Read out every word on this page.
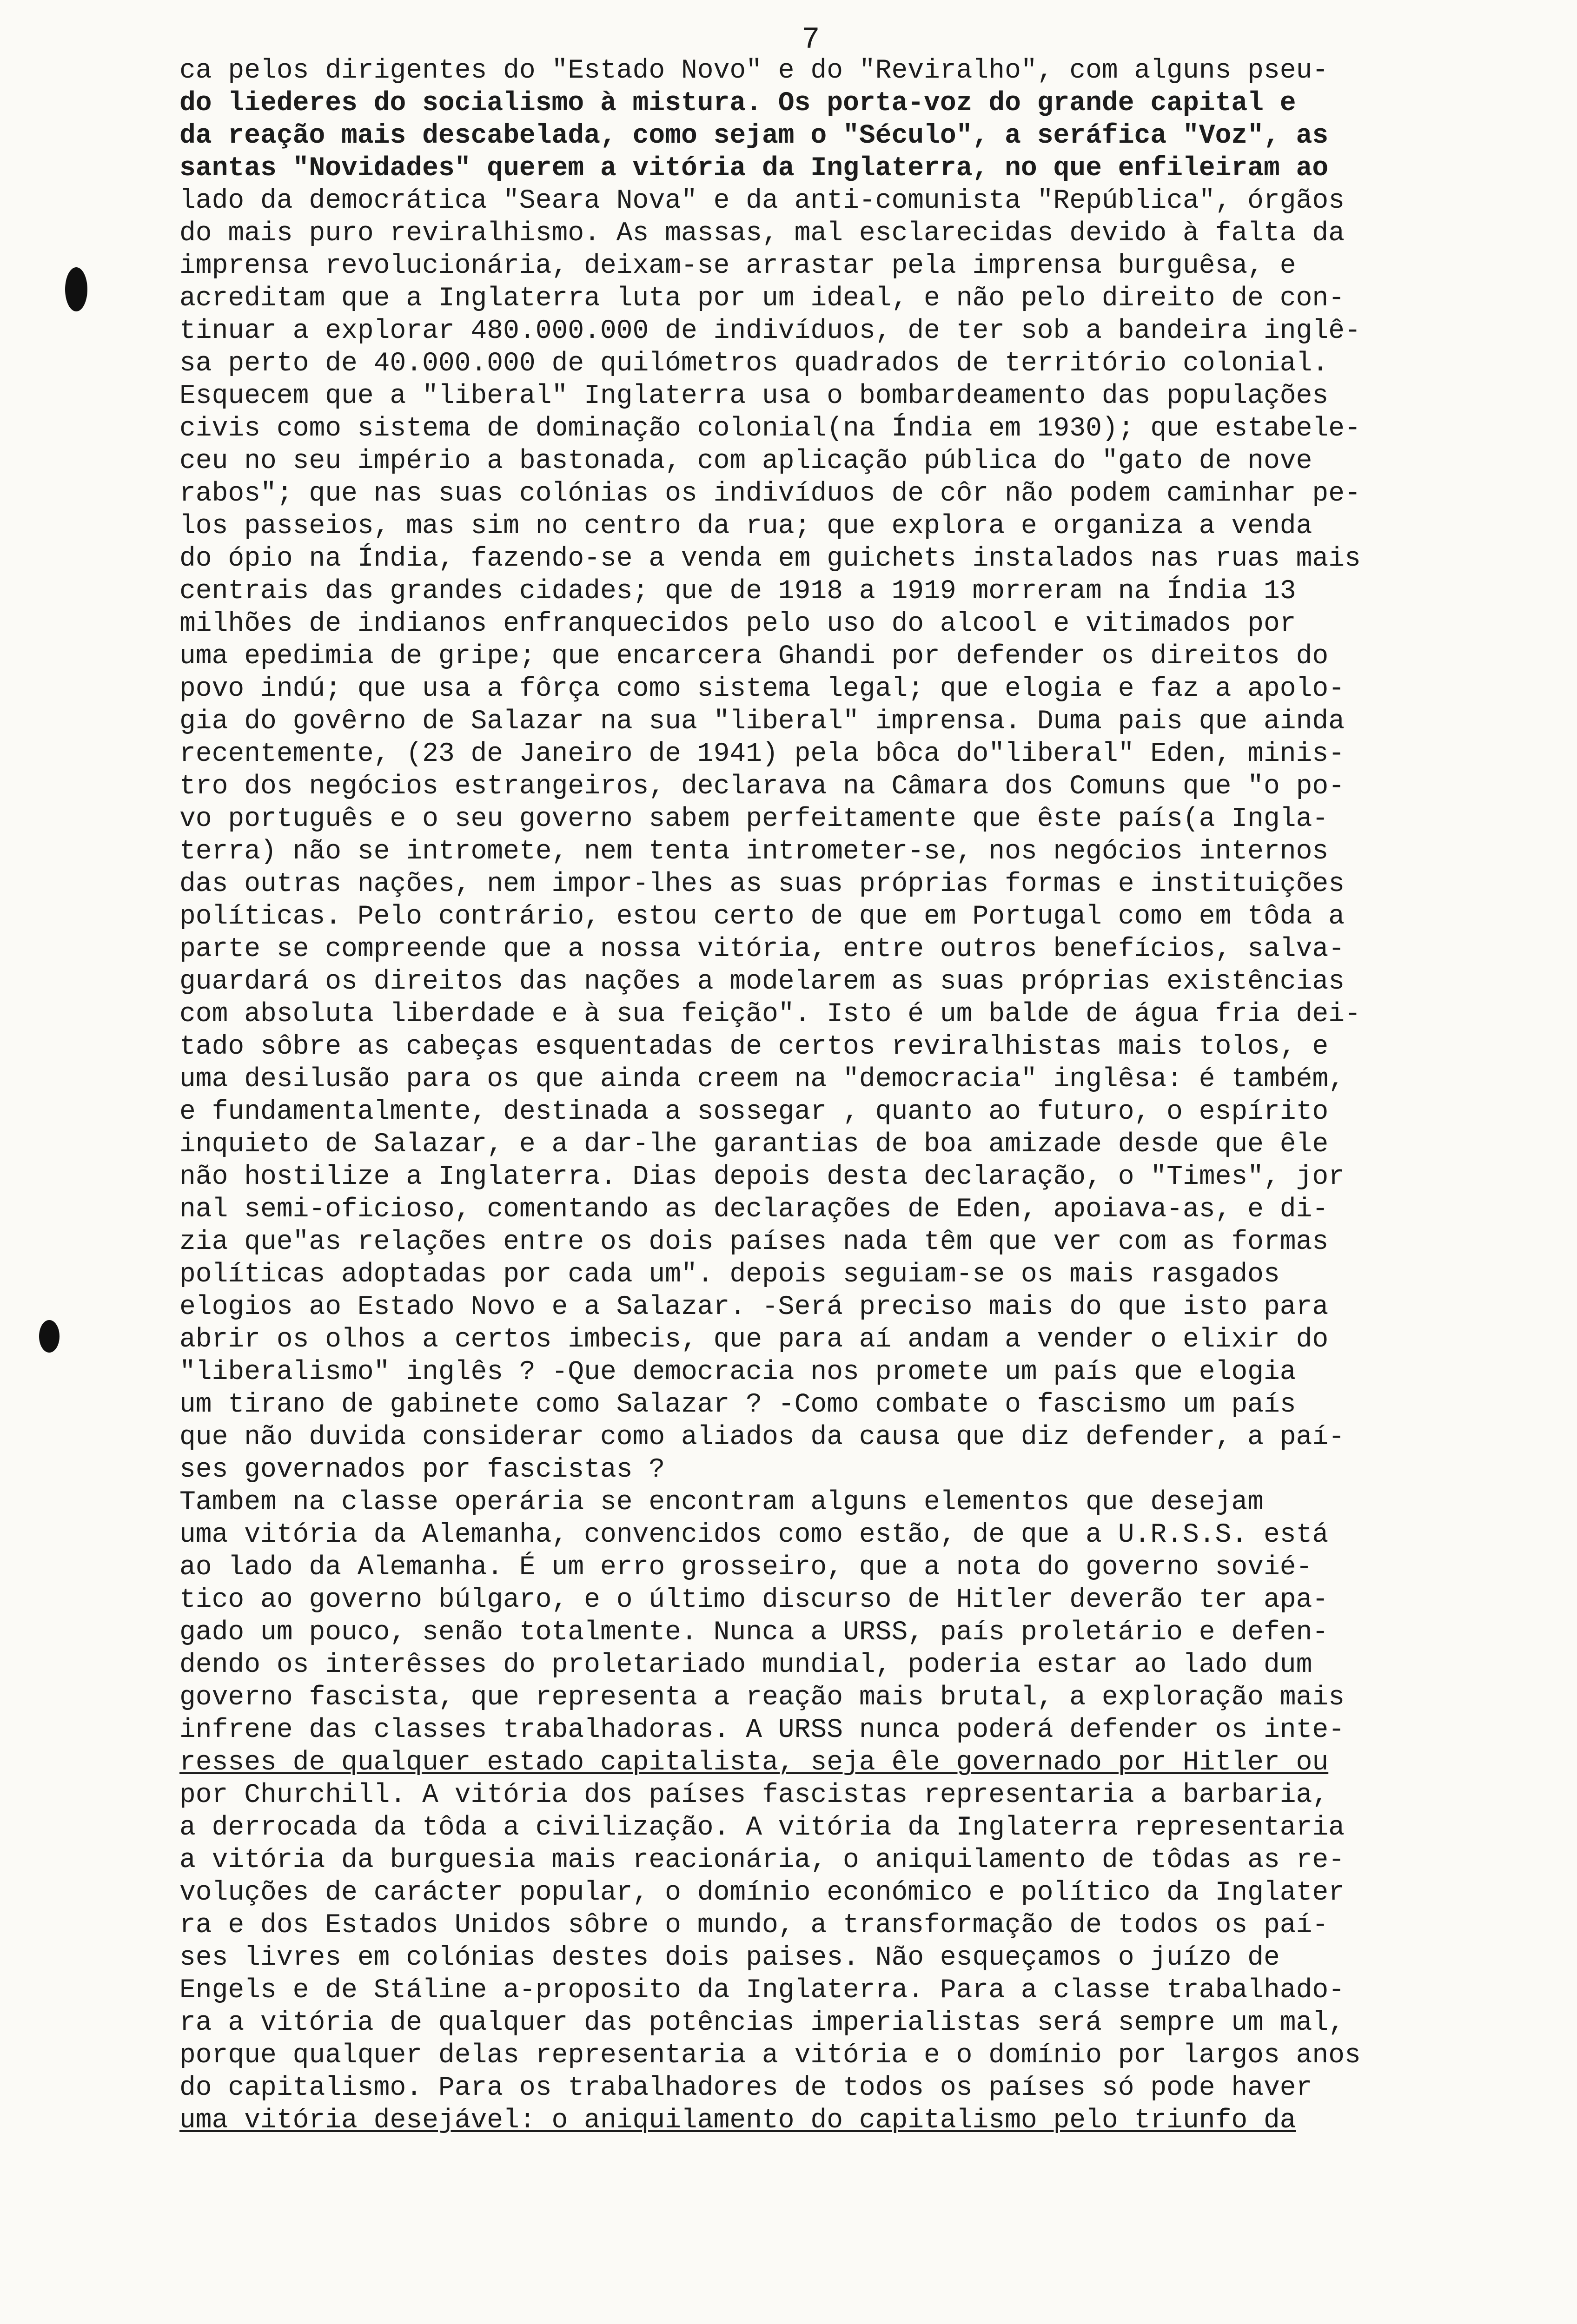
7
ca pelos dirigentes do "Estado Novo" e do "Reviralho", com alguns pseu-
do liederes do socialismo à mistura. Os porta-voz do grande capital e
da reação mais descabelada, como sejam o "Século", a seráfica "Voz", as
santas "Novidades" querem a vitória da Inglaterra, no que enfileiram ao
lado da democrática "Seara Nova" e da anti-comunista "República", órgãos
do mais puro reviralhismo. As massas, mal esclarecidas devido à falta da
imprensa revolucionária, deixam-se arrastar pela imprensa burguêsa, e
acreditam que a Inglaterra luta por um ideal, e não pelo direito de con-
tinuar a explorar 480.000.000 de indivíduos, de ter sob a bandeira inglê-
sa perto de 40.000.000 de quilómetros quadrados de território colonial.
Esquecem que a "liberal" Inglaterra usa o bombardeamento das populações
civis como sistema de dominação colonial(na Índia em 1930); que estabele-
ceu no seu império a bastonada, com aplicação pública do "gato de nove
rabos"; que nas suas colónias os indivíduos de côr não podem caminhar pe-
los passeios, mas sim no centro da rua; que explora e organiza a venda
do ópio na Índia, fazendo-se a venda em guichets instalados nas ruas mais
centrais das grandes cidades; que de 1918 a 1919 morreram na Índia 13
milhões de indianos enfranquecidos pelo uso do alcool e vitimados por
uma epedimia de gripe; que encarcera Ghandi por defender os direitos do
povo indú; que usa a fôrça como sistema legal; que elogia e faz a apolo-
gia do govêrno de Salazar na sua "liberal" imprensa. Duma pais que ainda
recentemente, (23 de Janeiro de 1941) pela bôca do"liberal" Eden, minis-
tro dos negócios estrangeiros, declarava na Câmara dos Comuns que "o po-
vo português e o seu governo sabem perfeitamente que êste país(a Ingla-
terra) não se intromete, nem tenta intrometer-se, nos negócios internos
das outras nações, nem impor-lhes as suas próprias formas e instituições
políticas. Pelo contrário, estou certo de que em Portugal como em tôda a
parte se compreende que a nossa vitória, entre outros benefícios, salva-
guardará os direitos das nações a modelarem as suas próprias existências
com absoluta liberdade e à sua feição". Isto é um balde de água fria dei-
tado sôbre as cabeças esquentadas de certos reviralhistas mais tolos, e
uma desilusão para os que ainda creem na "democracia" inglêsa: é também,
e fundamentalmente, destinada a sossegar , quanto ao futuro, o espírito
inquieto de Salazar, e a dar-lhe garantias de boa amizade desde que êle
não hostilize a Inglaterra. Dias depois desta declaração, o "Times", jor
nal semi-oficioso, comentando as declarações de Eden, apoiava-as, e di-
zia que"as relações entre os dois países nada têm que ver com as formas
políticas adoptadas por cada um". depois seguiam-se os mais rasgados
elogios ao Estado Novo e a Salazar. -Será preciso mais do que isto para
abrir os olhos a certos imbecis, que para aí andam a vender o elixir do
"liberalismo" inglês ? -Que democracia nos promete um país que elogia
um tirano de gabinete como Salazar ? -Como combate o fascismo um país
que não duvida considerar como aliados da causa que diz defender, a paí-
ses governados por fascistas ?
Tambem na classe operária se encontram alguns elementos que desejam
uma vitória da Alemanha, convencidos como estão, de que a U.R.S.S. está
ao lado da Alemanha. É um erro grosseiro, que a nota do governo sovié-
tico ao governo búlgaro, e o último discurso de Hitler deverão ter apa-
gado um pouco, senão totalmente. Nunca a URSS, país proletário e defen-
dendo os interêsses do proletariado mundial, poderia estar ao lado dum
governo fascista, que representa a reação mais brutal, a exploração mais
infrene das classes trabalhadoras. A URSS nunca poderá defender os inte-
resses de qualquer estado capitalista, seja êle governado por Hitler ou
por Churchill. A vitória dos países fascistas representaria a barbaria,
a derrocada da tôda a civilização. A vitória da Inglaterra representaria
a vitória da burguesia mais reacionária, o aniquilamento de tôdas as re-
voluções de carácter popular, o domínio económico e político da Inglater
ra e dos Estados Unidos sôbre o mundo, a transformação de todos os paí-
ses livres em colónias destes dois paises. Não esqueçamos o juízo de
Engels e de Stáline a-proposito da Inglaterra. Para a classe trabalhado-
ra a vitória de qualquer das potências imperialistas será sempre um mal,
porque qualquer delas representaria a vitória e o domínio por largos anos
do capitalismo. Para os trabalhadores de todos os países só pode haver
uma vitória desejável: o aniquilamento do capitalismo pelo triunfo da
